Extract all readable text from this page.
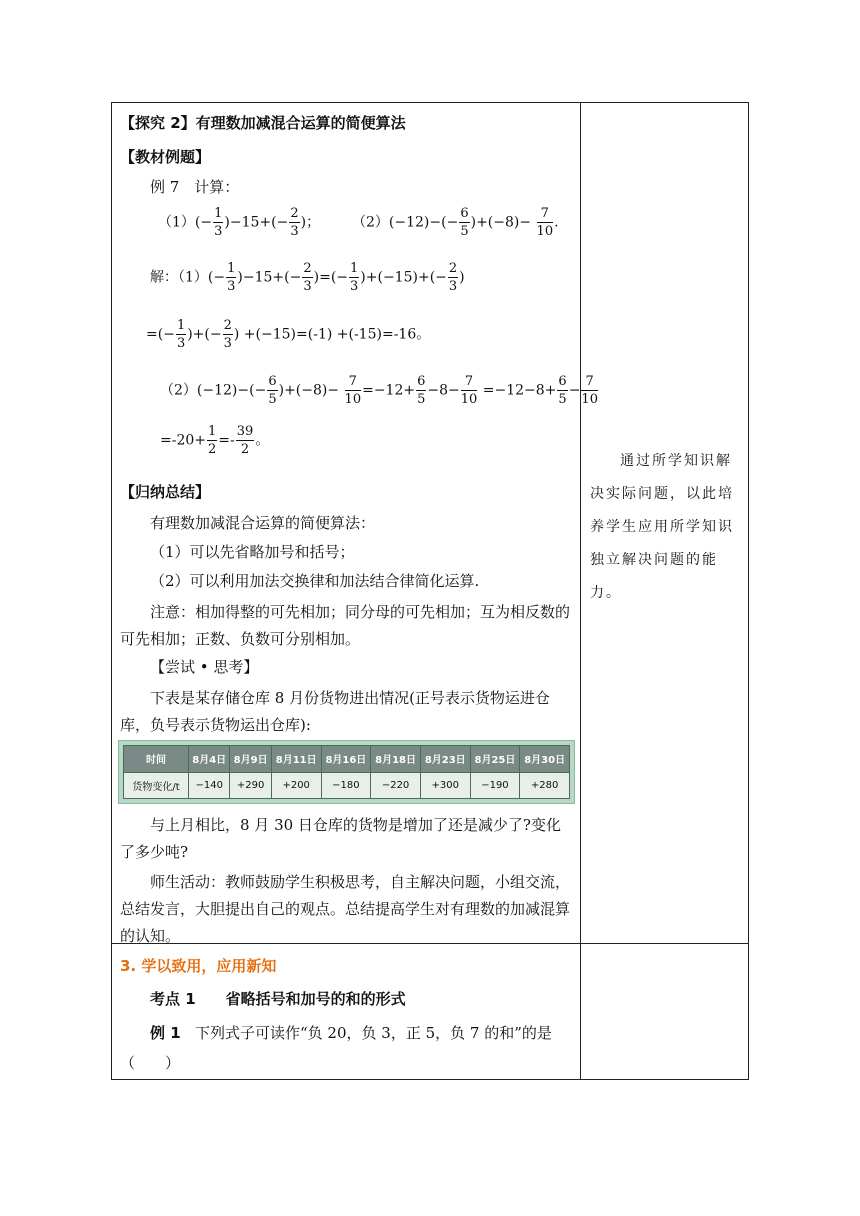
【探究 2】有理数加减混合运算的简便算法
【教材例题】
例 7　计算：
$(1)(- \frac{1}{3} )-15+(- \frac{2}{3}$ )； $(2)(-12)-(- \frac{6}{5} )+(-8)- \frac{7}{10}$ .
解：$(1)(- \frac{1}{3} )-15+(- \frac{2}{3}$ )=(− $\frac{1}{3} )+(-15)+(- \frac{2}{3}$ )
=(− $\frac{1}{3}$ )+(− $\frac{2}{3}$ ) +(−15)=(-1) +(-15)=-16。
$(2)(-12)-(- \frac{6}{5} )+(-8)- \frac{7}{10} =-12+ \frac{6}{5} -8- \frac{7}{10} =-12-8+ \frac{6}{5} - \frac{7}{10}$
$=-20+ \frac{1}{2} =- \frac{39}{2}$ 。
【归纳总结】
有理数加减混合运算的简便算法：
（1）可以先省略加号和括号；
（2）可以利用加法交换律和加法结合律简化运算.
注意：相加得整的可先相加；同分母的可先相加；互为相反数的可先相加；正数、负数可分别相加。
【尝试 • 思考】
下表是某存储仓库 8 月份货物进出情况(正号表示货物运进仓库，负号表示货物运出仓库):
时间	8月4日	8月9日	8月11日	8月16日	8月18日	8月23日	8月25日	8月30日
货物变化/t	−140	+290	+200	−180	−220	+300	−190	+280
与上月相比，8 月 30 日仓库的货物是增加了还是减少了?变化了多少吨?
师生活动：教师鼓励学生积极思考，自主解决问题，小组交流，总结发言，大胆提出自己的观点。总结提高学生对有理数的加减混算的认知。
通过所学知识解决实际问题，以此培养学生应用所学知识独立解决问题的能力。
3. 学以致用，应用新知
考点 1　　省略括号和加号的和的形式
例 1 下列式子可读作“负 20，负 3，正 5，负 7 的和”的是（　　）
